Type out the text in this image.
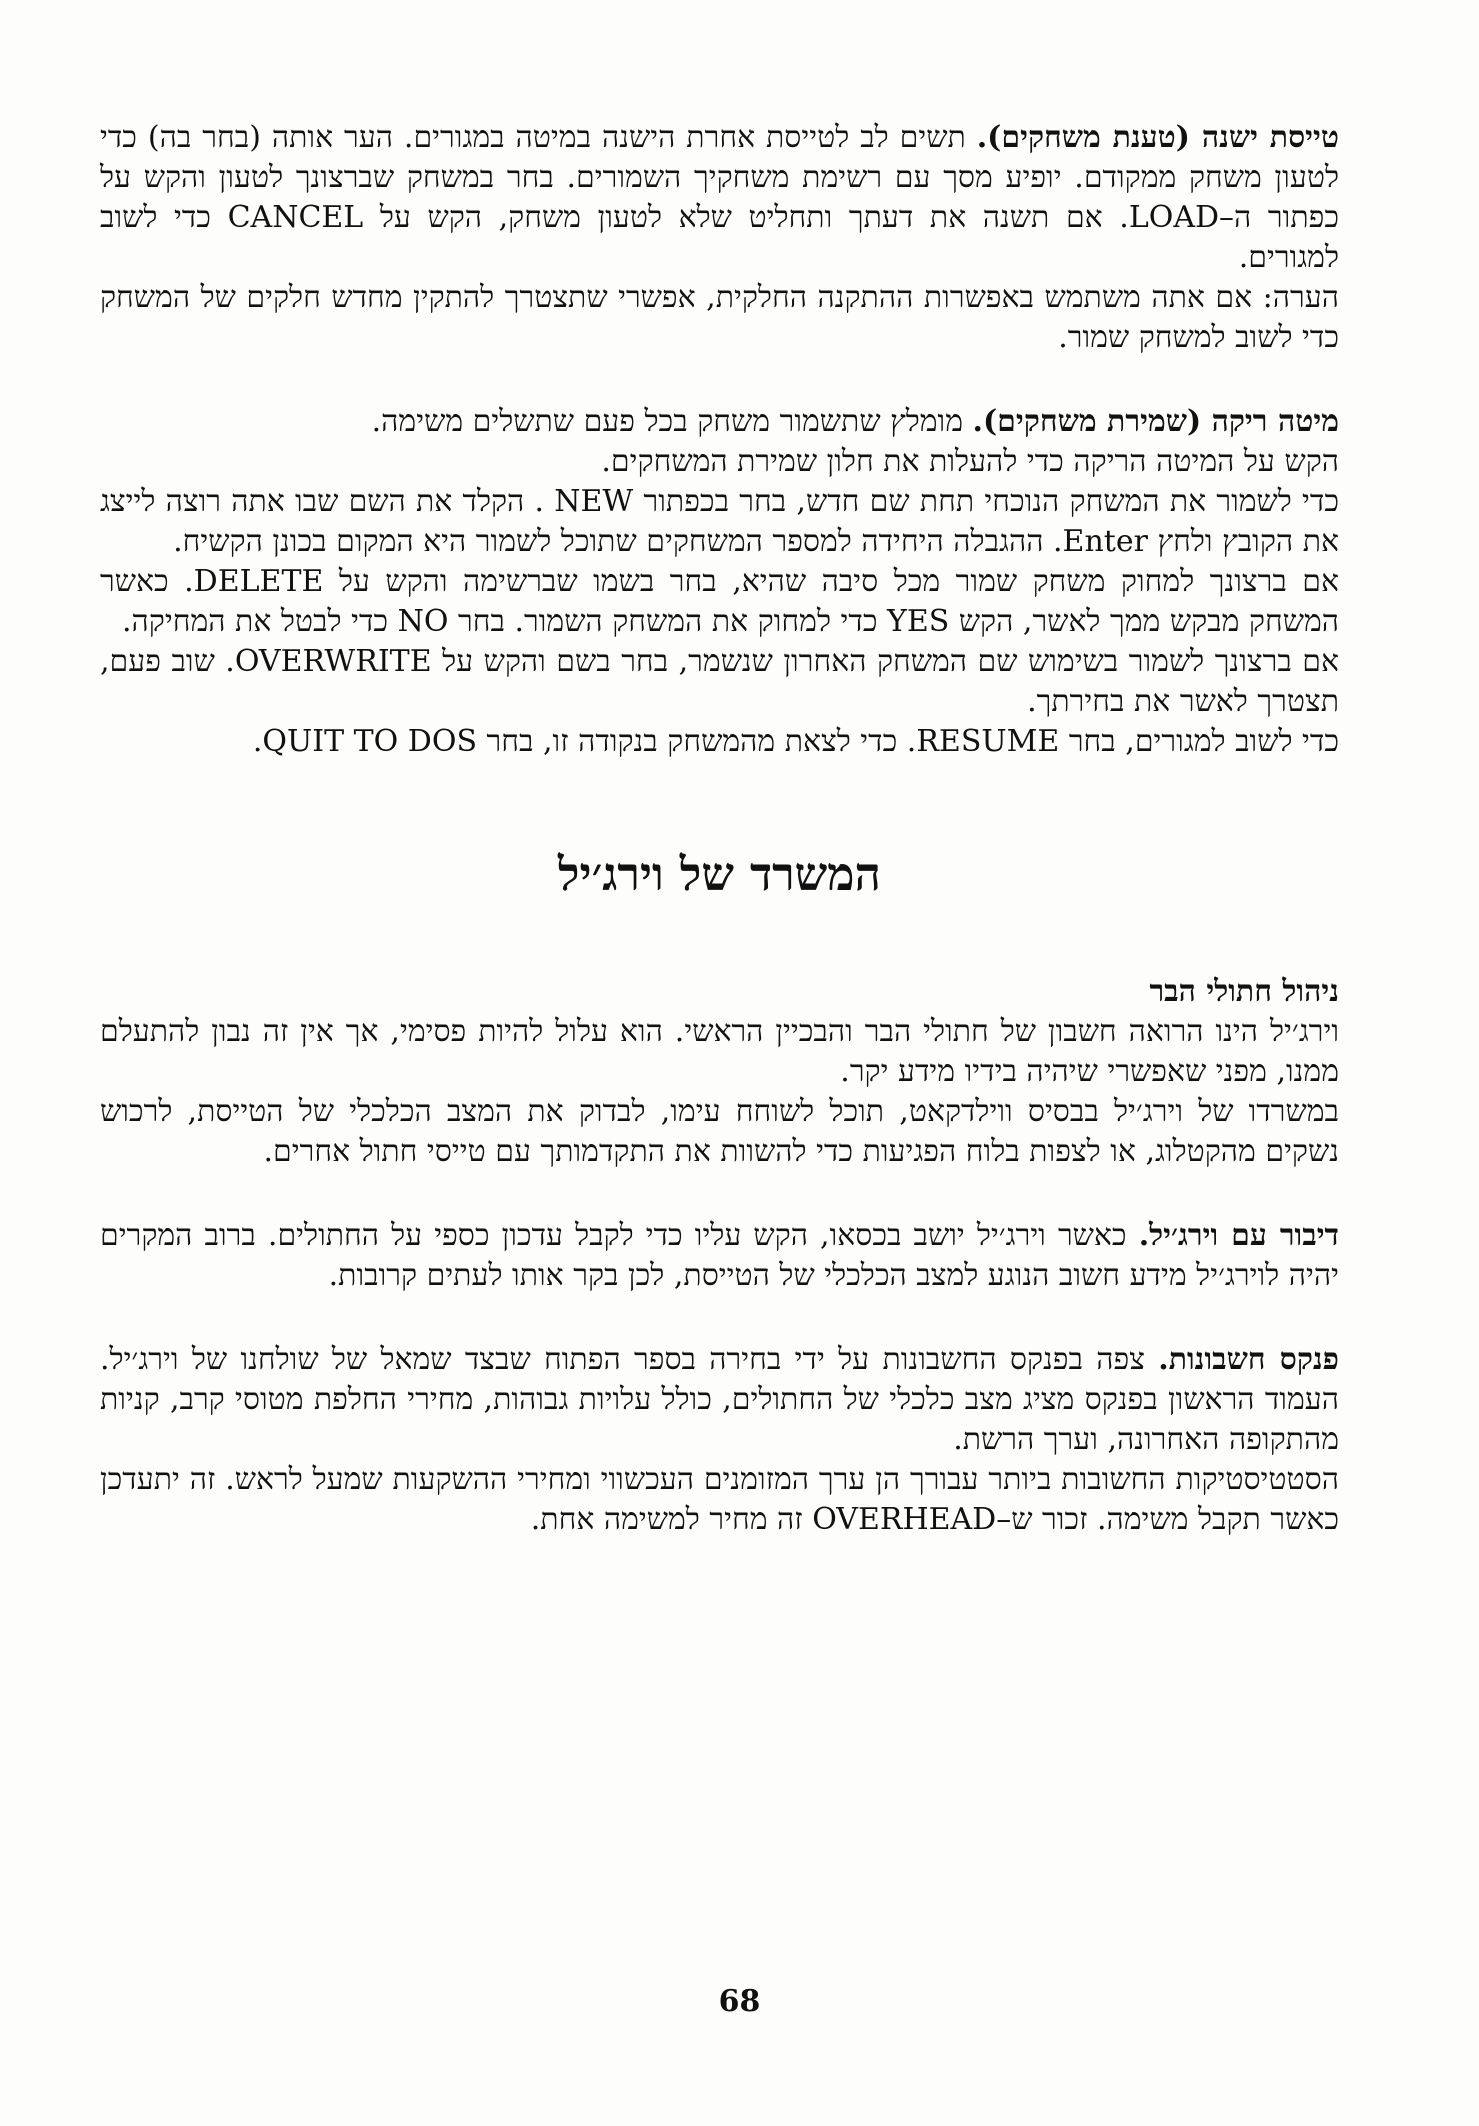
טייסת ישנה (טענת משחקים). תשים לב לטייסת אחרת הישנה במיטה במגורים. הער אותה (בחר בה) כדי לטעון משחק ממקודם. יופיע מסך עם רשימת משחקיך השמורים. בחר במשחק שברצונך לטעון והקש על כפתור ה–LOAD. אם תשנה את דעתך ותחליט שלא לטעון משחק, הקש על CANCEL כדי לשוב למגורים.

הערה: אם אתה משתמש באפשרות ההתקנה החלקית, אפשרי שתצטרך להתקין מחדש חלקים של המשחק כדי לשוב למשחק שמור.

מיטה ריקה (שמירת משחקים). מומלץ שתשמור משחק בכל פעם שתשלים משימה.

הקש על המיטה הריקה כדי להעלות את חלון שמירת המשחקים.

כדי לשמור את המשחק הנוכחי תחת שם חדש, בחר בכפתור NEW . הקלד את השם שבו אתה רוצה לייצג את הקובץ ולחץ Enter. ההגבלה היחידה למספר המשחקים שתוכל לשמור היא המקום בכונן הקשיח.

אם ברצונך למחוק משחק שמור מכל סיבה שהיא, בחר בשמו שברשימה והקש על DELETE. כאשר המשחק מבקש ממך לאשר, הקש YES כדי למחוק את המשחק השמור. בחר NO כדי לבטל את המחיקה.

אם ברצונך לשמור בשימוש שם המשחק האחרון שנשמר, בחר בשם והקש על OVERWRITE. שוב פעם, תצטרך לאשר את בחירתך.

כדי לשוב למגורים, בחר RESUME. כדי לצאת מהמשחק בנקודה זו, בחר QUIT TO DOS.

המשרד של וירג׳יל
ניהול חתולי הבר

וירג׳יל הינו הרואה חשבון של חתולי הבר והבכיין הראשי. הוא עלול להיות פסימי, אך אין זה נבון להתעלם ממנו, מפני שאפשרי שיהיה בידיו מידע יקר.

במשרדו של וירג׳יל בבסיס ווילדקאט, תוכל לשוחח עימו, לבדוק את המצב הכלכלי של הטייסת, לרכוש נשקים מהקטלוג, או לצפות בלוח הפגיעות כדי להשוות את התקדמותך עם טייסי חתול אחרים.

דיבור עם וירג׳יל. כאשר וירג׳יל יושב בכסאו, הקש עליו כדי לקבל עדכון כספי על החתולים. ברוב המקרים יהיה לוירג׳יל מידע חשוב הנוגע למצב הכלכלי של הטייסת, לכן בקר אותו לעתים קרובות.

פנקס חשבונות. צפה בפנקס החשבונות על ידי בחירה בספר הפתוח שבצד שמאל של שולחנו של וירג׳יל. העמוד הראשון בפנקס מציג מצב כלכלי של החתולים, כולל עלויות גבוהות, מחירי החלפת מטוסי קרב, קניות מהתקופה האחרונה, וערך הרשת.

הסטטיסטיקות החשובות ביותר עבורך הן ערך המזומנים העכשווי ומחירי ההשקעות שמעל לראש. זה יתעדכן כאשר תקבל משימה. זכור ש–OVERHEAD זה מחיר למשימה אחת.

68
